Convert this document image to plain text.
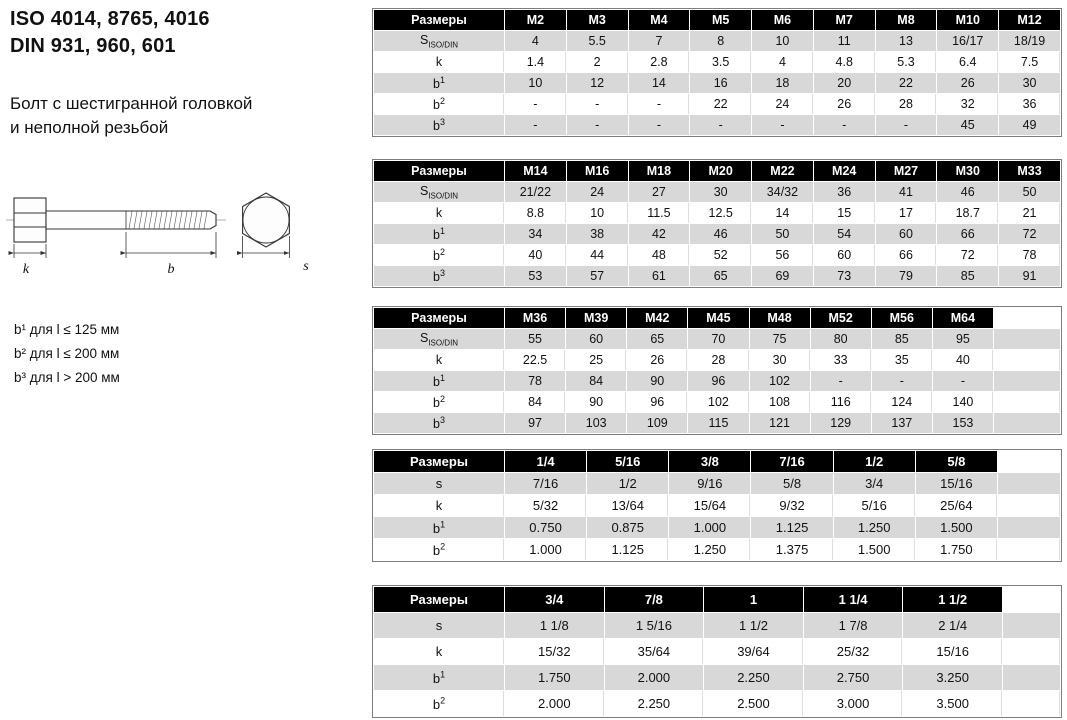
ISO 4014, 8765, 4016
DIN 931, 960, 601
Болт с шестигранной головкой
и неполной резьбой
k	b	s
b¹ для l ≤ 125 мм
b² для l ≤ 200 мм
b³ для l > 200 мм
Размеры	M2	M3	M4	M5	M6	M7	M8	M10	M12
$S_{ISO/DIN}$	4	5.5	7	8	10	11	13	16/17	18/19
k	1.4	2	2.8	3.5	4	4.8	5.3	6.4	7.5
$b^1$	10	12	14	16	18	20	22	26	30
$b^2$	-	-	-	22	24	26	28	32	36
$b^3$	-	-	-	-	-	-	-	45	49
Размеры	M14	M16	M18	M20	M22	M24	M27	M30	M33
$S_{ISO/DIN}$	21/22	24	27	30	34/32	36	41	46	50
k	8.8	10	11.5	12.5	14	15	17	18.7	21
$b^1$	34	38	42	46	50	54	60	66	72
$b^2$	40	44	48	52	56	60	66	72	78
$b^3$	53	57	61	65	69	73	79	85	91
Размеры	M36	M39	M42	M45	M48	M52	M56	M64	
$S_{ISO/DIN}$	55	60	65	70	75	80	85	95	
k	22.5	25	26	28	30	33	35	40	
$b^1$	78	84	90	96	102	-	-	-	
$b^2$	84	90	96	102	108	116	124	140	
$b^3$	97	103	109	115	121	129	137	153	
Размеры	1/4	5/16	3/8	7/16	1/2	5/8	
s	7/16	1/2	9/16	5/8	3/4	15/16	
k	5/32	13/64	15/64	9/32	5/16	25/64	
$b^1$	0.750	0.875	1.000	1.125	1.250	1.500	
$b^2$	1.000	1.125	1.250	1.375	1.500	1.750	
Размеры	3/4	7/8	1	1 1/4	1 1/2	
s	1 1/8	1 5/16	1 1/2	1 7/8	2 1/4	
k	15/32	35/64	39/64	25/32	15/16	
$b^1$	1.750	2.000	2.250	2.750	3.250	
$b^2$	2.000	2.250	2.500	3.000	3.500	
